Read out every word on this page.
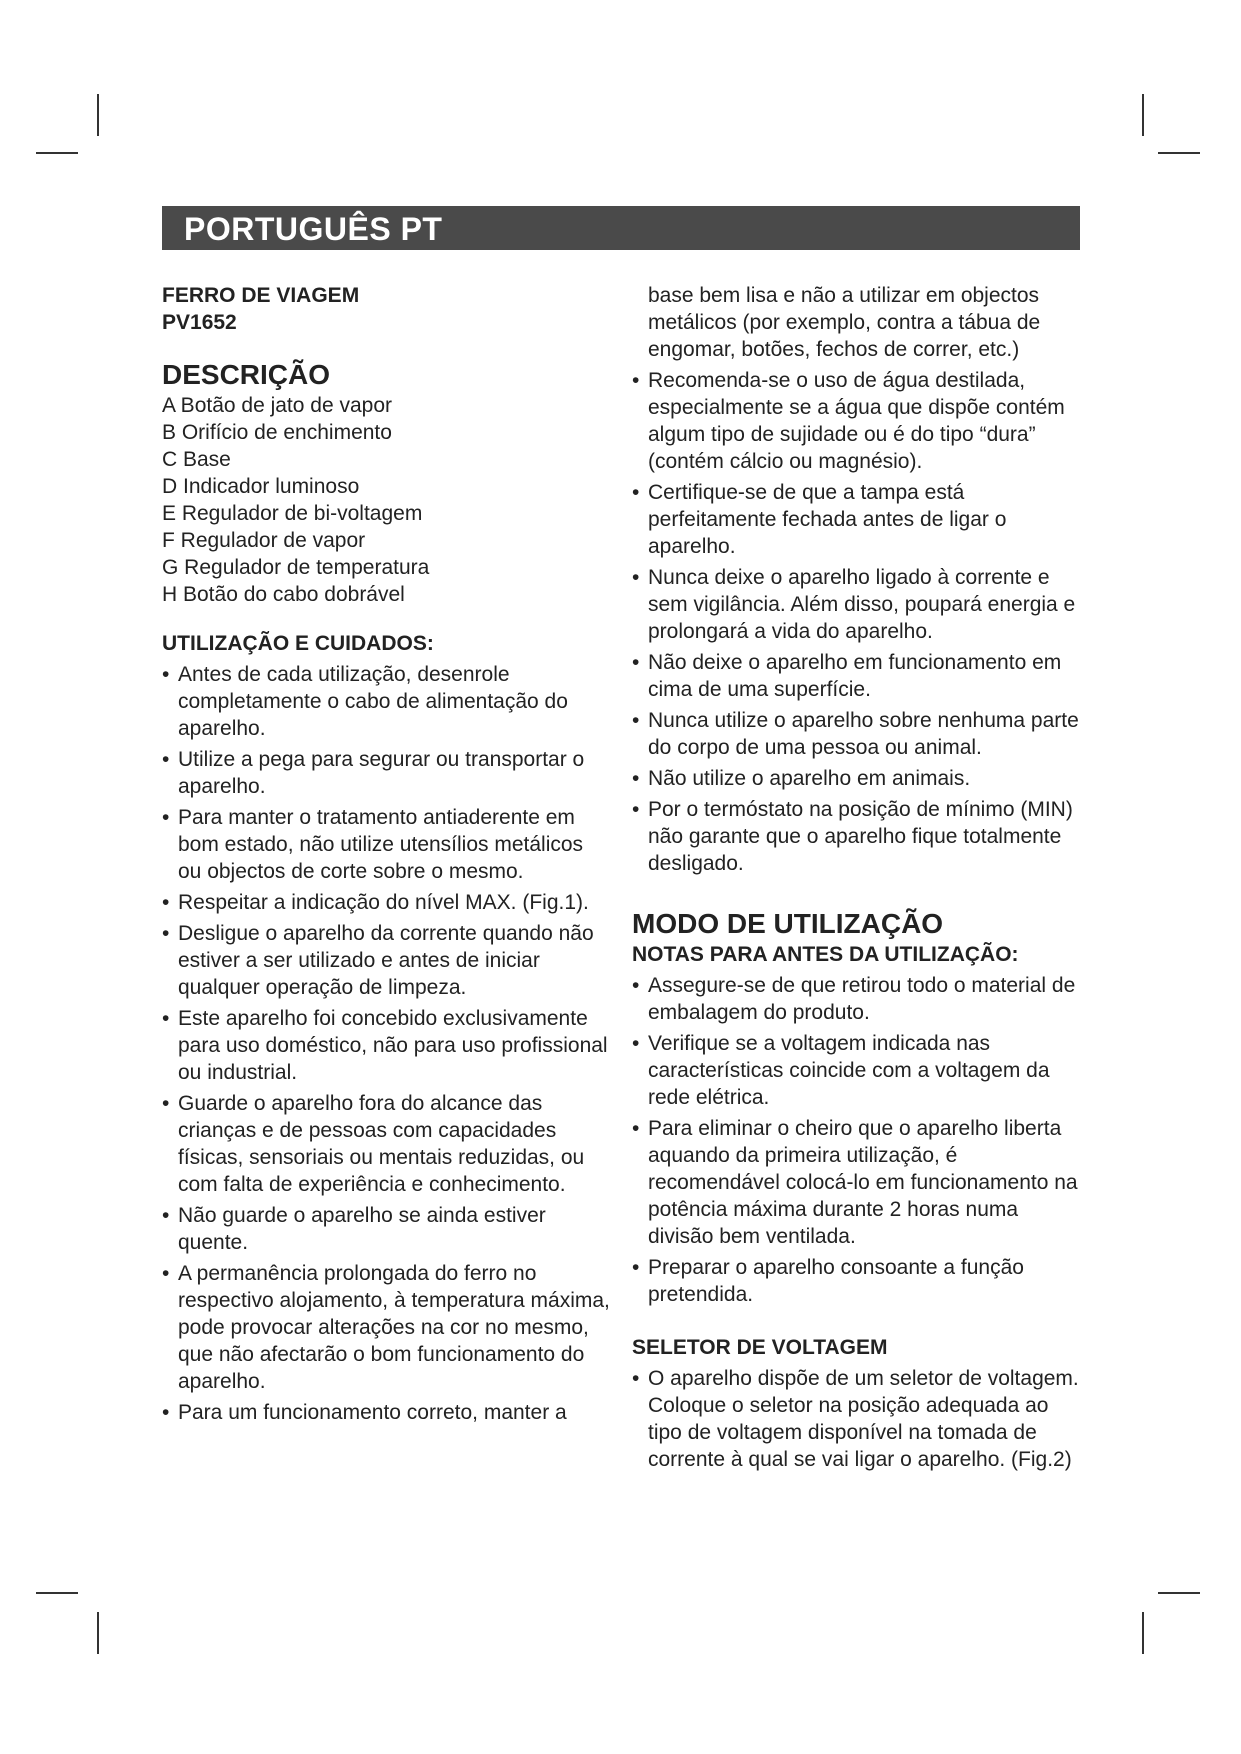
PORTUGUÊS PT
FERRO DE VIAGEM
PV1652
DESCRIÇÃO
A Botão de jato de vapor
B Orifício de enchimento
C Base
D Indicador luminoso
E Regulador de bi-voltagem
F Regulador de vapor
G Regulador de temperatura
H Botão do cabo dobrável
UTILIZAÇÃO E CUIDADOS:
• Antes de cada utilização, desenrole completamente o cabo de alimentação do aparelho.
• Utilize a pega para segurar ou transportar o aparelho.
• Para manter o tratamento antiaderente em bom estado, não utilize utensílios metálicos ou objectos de corte sobre o mesmo.
• Respeitar a indicação do nível MAX. (Fig.1).
• Desligue o aparelho da corrente quando não estiver a ser utilizado e antes de iniciar qualquer operação de limpeza.
• Este aparelho foi concebido exclusivamente para uso doméstico, não para uso profissional ou industrial.
• Guarde o aparelho fora do alcance das crianças e de pessoas com capacidades físicas, sensoriais ou mentais reduzidas, ou com falta de experiência e conhecimento.
• Não guarde o aparelho se ainda estiver quente.
• A permanência prolongada do ferro no respectivo alojamento, à temperatura máxima, pode provocar alterações na cor no mesmo, que não afectarão o bom funcionamento do aparelho.
• Para um funcionamento correto, manter a
base bem lisa e não a utilizar em objectos metálicos (por exemplo, contra a tábua de engomar, botões, fechos de correr, etc.)
• Recomenda-se o uso de água destilada, especialmente se a água que dispõe contém algum tipo de sujidade ou é do tipo “dura” (contém cálcio ou magnésio).
• Certifique-se de que a tampa está perfeitamente fechada antes de ligar o aparelho.
• Nunca deixe o aparelho ligado à corrente e sem vigilância. Além disso, poupará energia e prolongará a vida do aparelho.
• Não deixe o aparelho em funcionamento em cima de uma superfície.
• Nunca utilize o aparelho sobre nenhuma parte do corpo de uma pessoa ou animal.
• Não utilize o aparelho em animais.
• Por o termóstato na posição de mínimo (MIN) não garante que o aparelho fique totalmente desligado.
MODO DE UTILIZAÇÃO
NOTAS PARA ANTES DA UTILIZAÇÃO:
• Assegure-se de que retirou todo o material de embalagem do produto.
• Verifique se a voltagem indicada nas características coincide com a voltagem da rede elétrica.
• Para eliminar o cheiro que o aparelho liberta aquando da primeira utilização, é recomendável colocá-lo em funcionamento na potência máxima durante 2 horas numa divisão bem ventilada.
• Preparar o aparelho consoante a função pretendida.
SELETOR DE VOLTAGEM
• O aparelho dispõe de um seletor de voltagem. Coloque o seletor na posição adequada ao tipo de voltagem disponível na tomada de corrente à qual se vai ligar o aparelho. (Fig.2)
